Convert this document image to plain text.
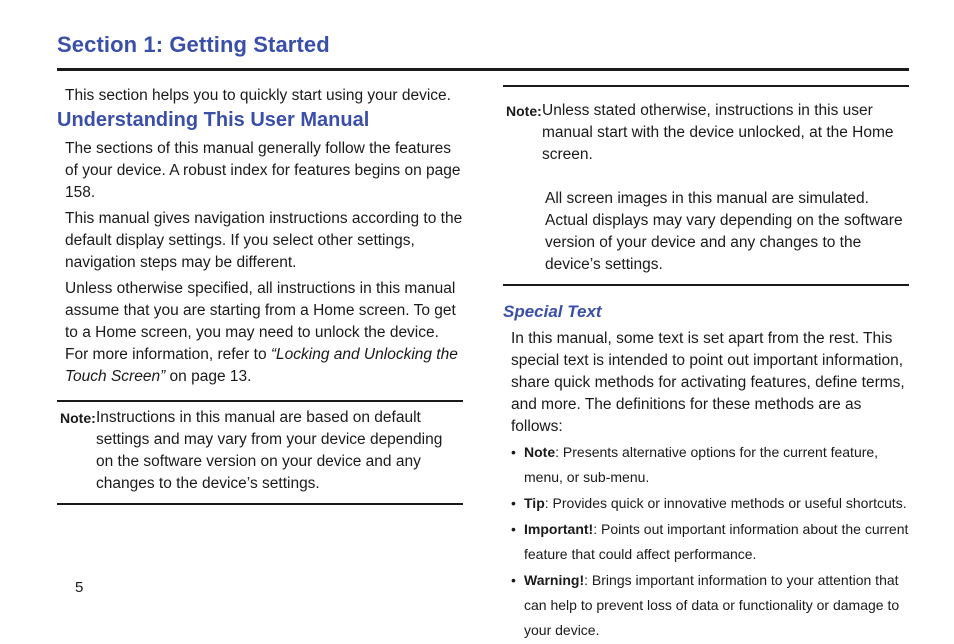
Section 1: Getting Started

This section helps you to quickly start using your device.

Understanding This User Manual

The sections of this manual generally follow the features of your device. A robust index for features begins on page 158.

This manual gives navigation instructions according to the default display settings. If you select other settings, navigation steps may be different.

Unless otherwise specified, all instructions in this manual assume that you are starting from a Home screen. To get to a Home screen, you may need to unlock the device. For more information, refer to “Locking and Unlocking the Touch Screen” on page 13.

Note: Instructions in this manual are based on default settings and may vary from your device depending on the software version on your device and any changes to the device’s settings.
Note: Unless stated otherwise, instructions in this user manual start with the device unlocked, at the Home screen.
All screen images in this manual are simulated. Actual displays may vary depending on the software version of your device and any changes to the device’s settings.
Special Text

In this manual, some text is set apart from the rest. This special text is intended to point out important information, share quick methods for activating features, define terms, and more. The definitions for these methods are as follows:

• Note: Presents alternative options for the current feature, menu, or sub-menu.
• Tip: Provides quick or innovative methods or useful shortcuts.
• Important!: Points out important information about the current feature that could affect performance.
• Warning!: Brings important information to your attention that can help to prevent loss of data or functionality or damage to your device.
5
